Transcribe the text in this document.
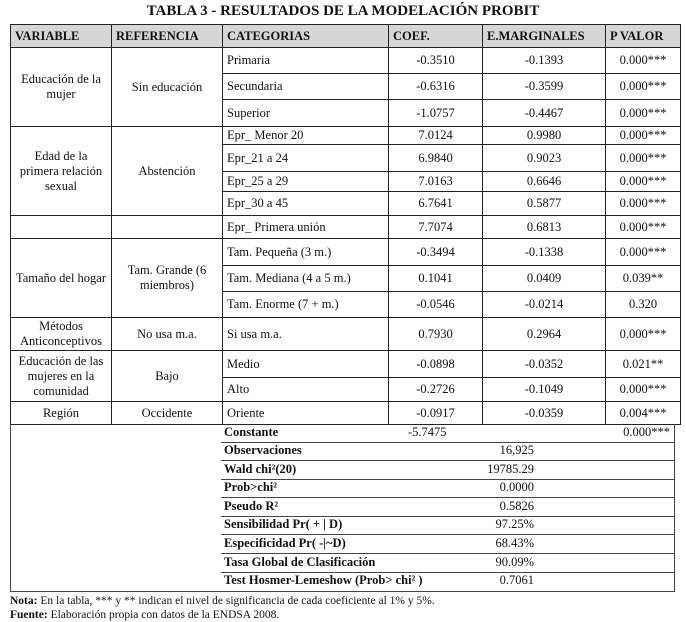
TABLA 3 - RESULTADOS DE LA MODELACIÓN PROBIT
VARIABLE	REFERENCIA	CATEGORIAS	COEF.	E.MARGINALES	P VALOR
Educación de la mujer	Sin educación	Primaria	-0.3510	-0.1393	0.000***
		Secundaria	-0.6316	-0.3599	0.000***
		Superior	-1.0757	-0.4467	0.000***
Edad de la primera relación sexual	Abstención	Epr_ Menor 20	7.0124	0.9980	0.000***
		Epr_21 a 24	6.9840	0.9023	0.000***
		Epr_25 a 29	7.0163	0.6646	0.000***
		Epr_30 a 45	6.7641	0.5877	0.000***
		Epr_ Primera unión	7.7074	0.6813	0.000***
Tamaño del hogar	Tam. Grande (6 miembros)	Tam. Pequeña (3 m.)	-0.3494	-0.1338	0.000***
		Tam. Mediana (4 a 5 m.)	0.1041	0.0409	0.039**
		Tam. Enorme (7 + m.)	-0.0546	-0.0214	0.320
Métodos Anticonceptivos	No usa m.a.	Si usa m.a.	0.7930	0.2964	0.000***
Educación de las mujeres en la comunidad	Bajo	Medio	-0.0898	-0.0352	0.021**
		Alto	-0.2726	-0.1049	0.000***
Región	Occidente	Oriente	-0.0917	-0.0359	0.004***
Constante	-5.7475	0.000***
Observaciones	16,925
Wald chi²(20)	19785.29
Prob>chi²	0.0000
Pseudo R²	0.5826
Sensibilidad Pr( + | D)	97.25%
Especificidad Pr( -|~D)	68.43%
Tasa Global de Clasificación	90.09%
Test Hosmer-Lemeshow (Prob> chi² )	0.7061
Nota: En la tabla, *** y ** indican el nivel de significancia de cada coeficiente al 1% y 5%.
Fuente: Elaboración propia con datos de la ENDSA 2008.
